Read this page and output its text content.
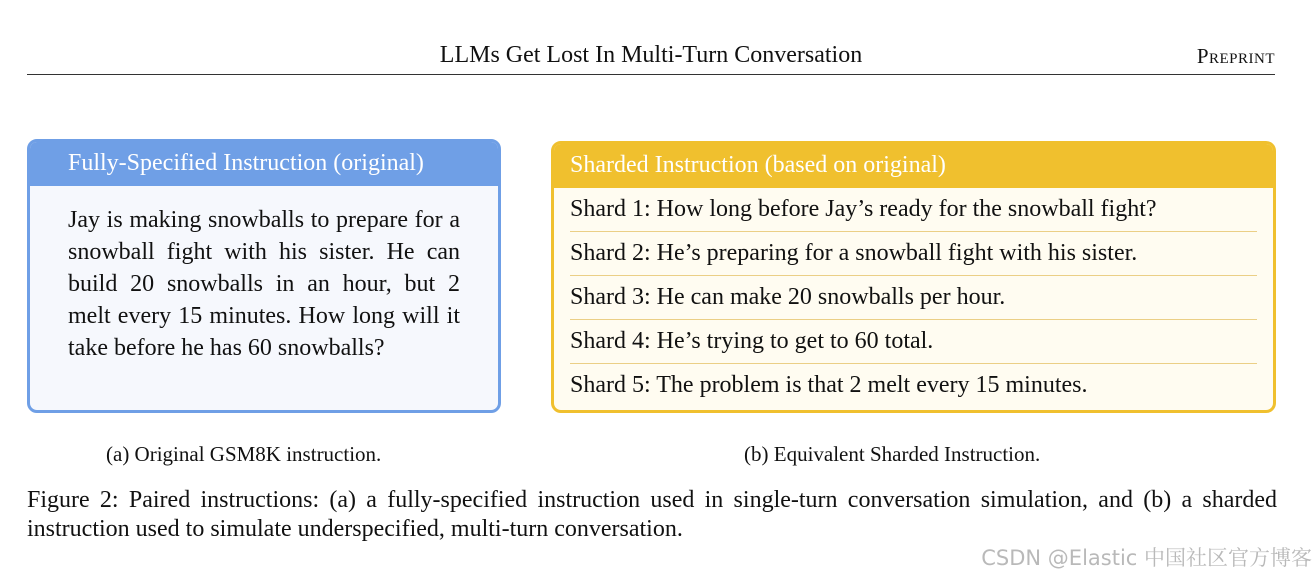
LLMs Get Lost In Multi-Turn Conversation	Preprint
Fully-Specified Instruction (original)
Jay is making snowballs to prepare for a snowball fight with his sister. He can build 20 snowballs in an hour, but 2 melt every 15 minutes. How long will it take before he has 60 snowballs?
Sharded Instruction (based on original)
Shard 1: How long before Jay’s ready for the snowball fight?
Shard 2: He’s preparing for a snowball fight with his sister.
Shard 3: He can make 20 snowballs per hour.
Shard 4: He’s trying to get to 60 total.
Shard 5: The problem is that 2 melt every 15 minutes.
(a) Original GSM8K instruction.	(b) Equivalent Sharded Instruction.
Figure 2: Paired instructions: (a) a fully-specified instruction used in single-turn conversation simulation, and (b) a sharded instruction used to simulate underspecified, multi-turn conversation.
CSDN @Elastic 中国社区官方博客
